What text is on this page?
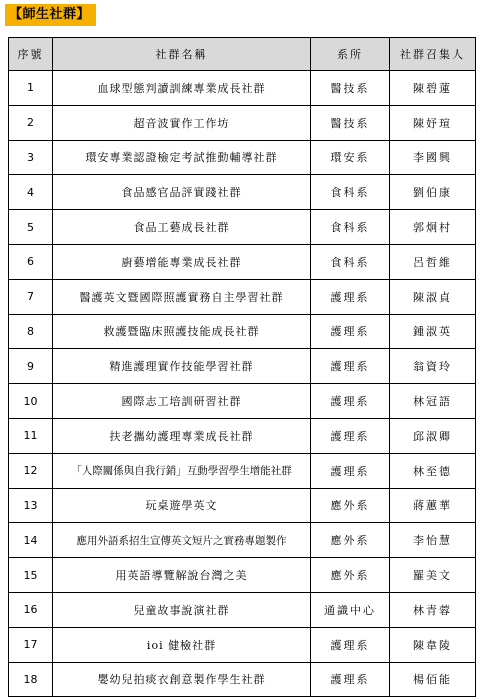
【師生社群】
序號	社群名稱	系所	社群召集人
1	血球型態判讀訓練專業成長社群	醫技系	陳碧蓮
2	超音波實作工作坊	醫技系	陳妤瑄
3	環安專業認證檢定考試推動輔導社群	環安系	李國興
4	食品感官品評實踐社群	食科系	劉伯康
5	食品工藝成長社群	食科系	郭炯村
6	廚藝增能專業成長社群	食科系	呂哲維
7	醫護英文暨國際照護實務自主學習社群	護理系	陳淑貞
8	救護暨臨床照護技能成長社群	護理系	鍾淑英
9	精進護理實作技能學習社群	護理系	翁資玲
10	國際志工培訓研習社群	護理系	林冠語
11	扶老攜幼護理專業成長社群	護理系	邱淑卿
12	「人際關係與自我行銷」互動學習學生增能社群	護理系	林至德
13	玩桌遊學英文	應外系	蔣蕙華
14	應用外語系招生宣傳英文短片之實務專題製作	應外系	李怡慧
15	用英語導覽解說台灣之美	應外系	羅美文
16	兒童故事說演社群	通識中心	林青蓉
17	ioi 健檢社群	護理系	陳韋陵
18	嬰幼兒拍痰衣創意製作學生社群	護理系	楊佰能
